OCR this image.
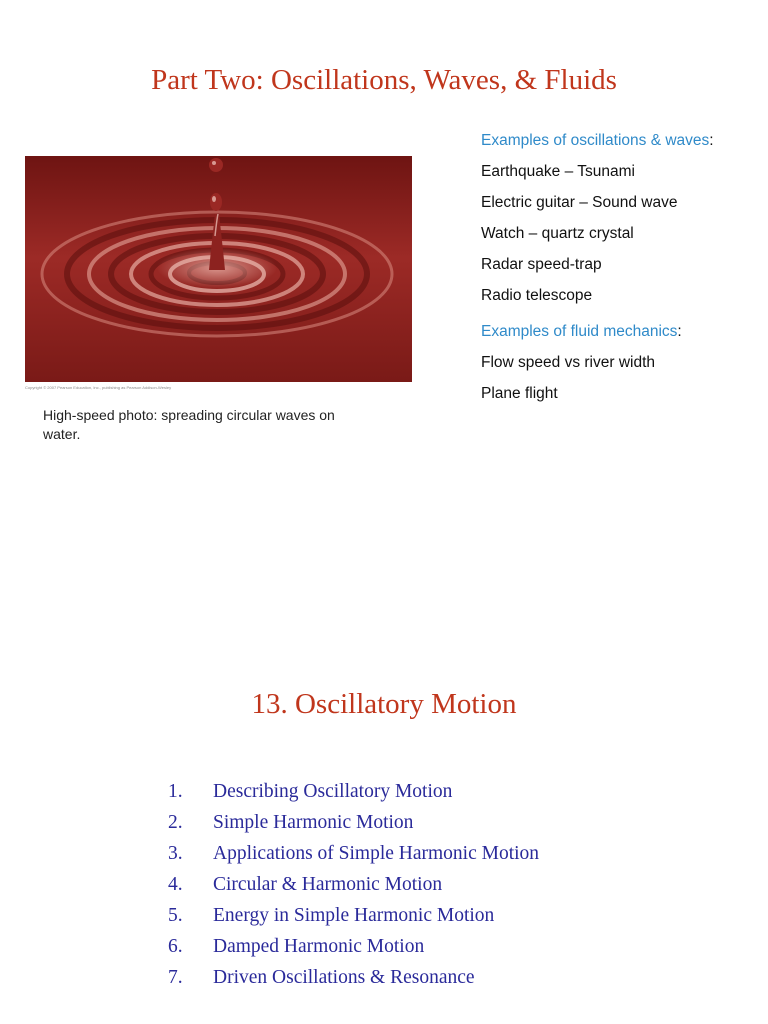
Part Two: Oscillations, Waves, & Fluids
Copyright © 2007 Pearson Education, Inc., publishing as Pearson Addison-Wesley
High-speed photo: spreading circular waves on water.
Examples of oscillations & waves:
Earthquake – Tsunami
Electric guitar – Sound wave
Watch – quartz crystal
Radar speed-trap
Radio telescope
Examples of fluid mechanics:
Flow speed vs river width
Plane flight
13. Oscillatory Motion
1. Describing Oscillatory Motion
2. Simple Harmonic Motion
3. Applications of Simple Harmonic Motion
4. Circular & Harmonic Motion
5. Energy in Simple Harmonic Motion
6. Damped Harmonic Motion
7. Driven Oscillations & Resonance
